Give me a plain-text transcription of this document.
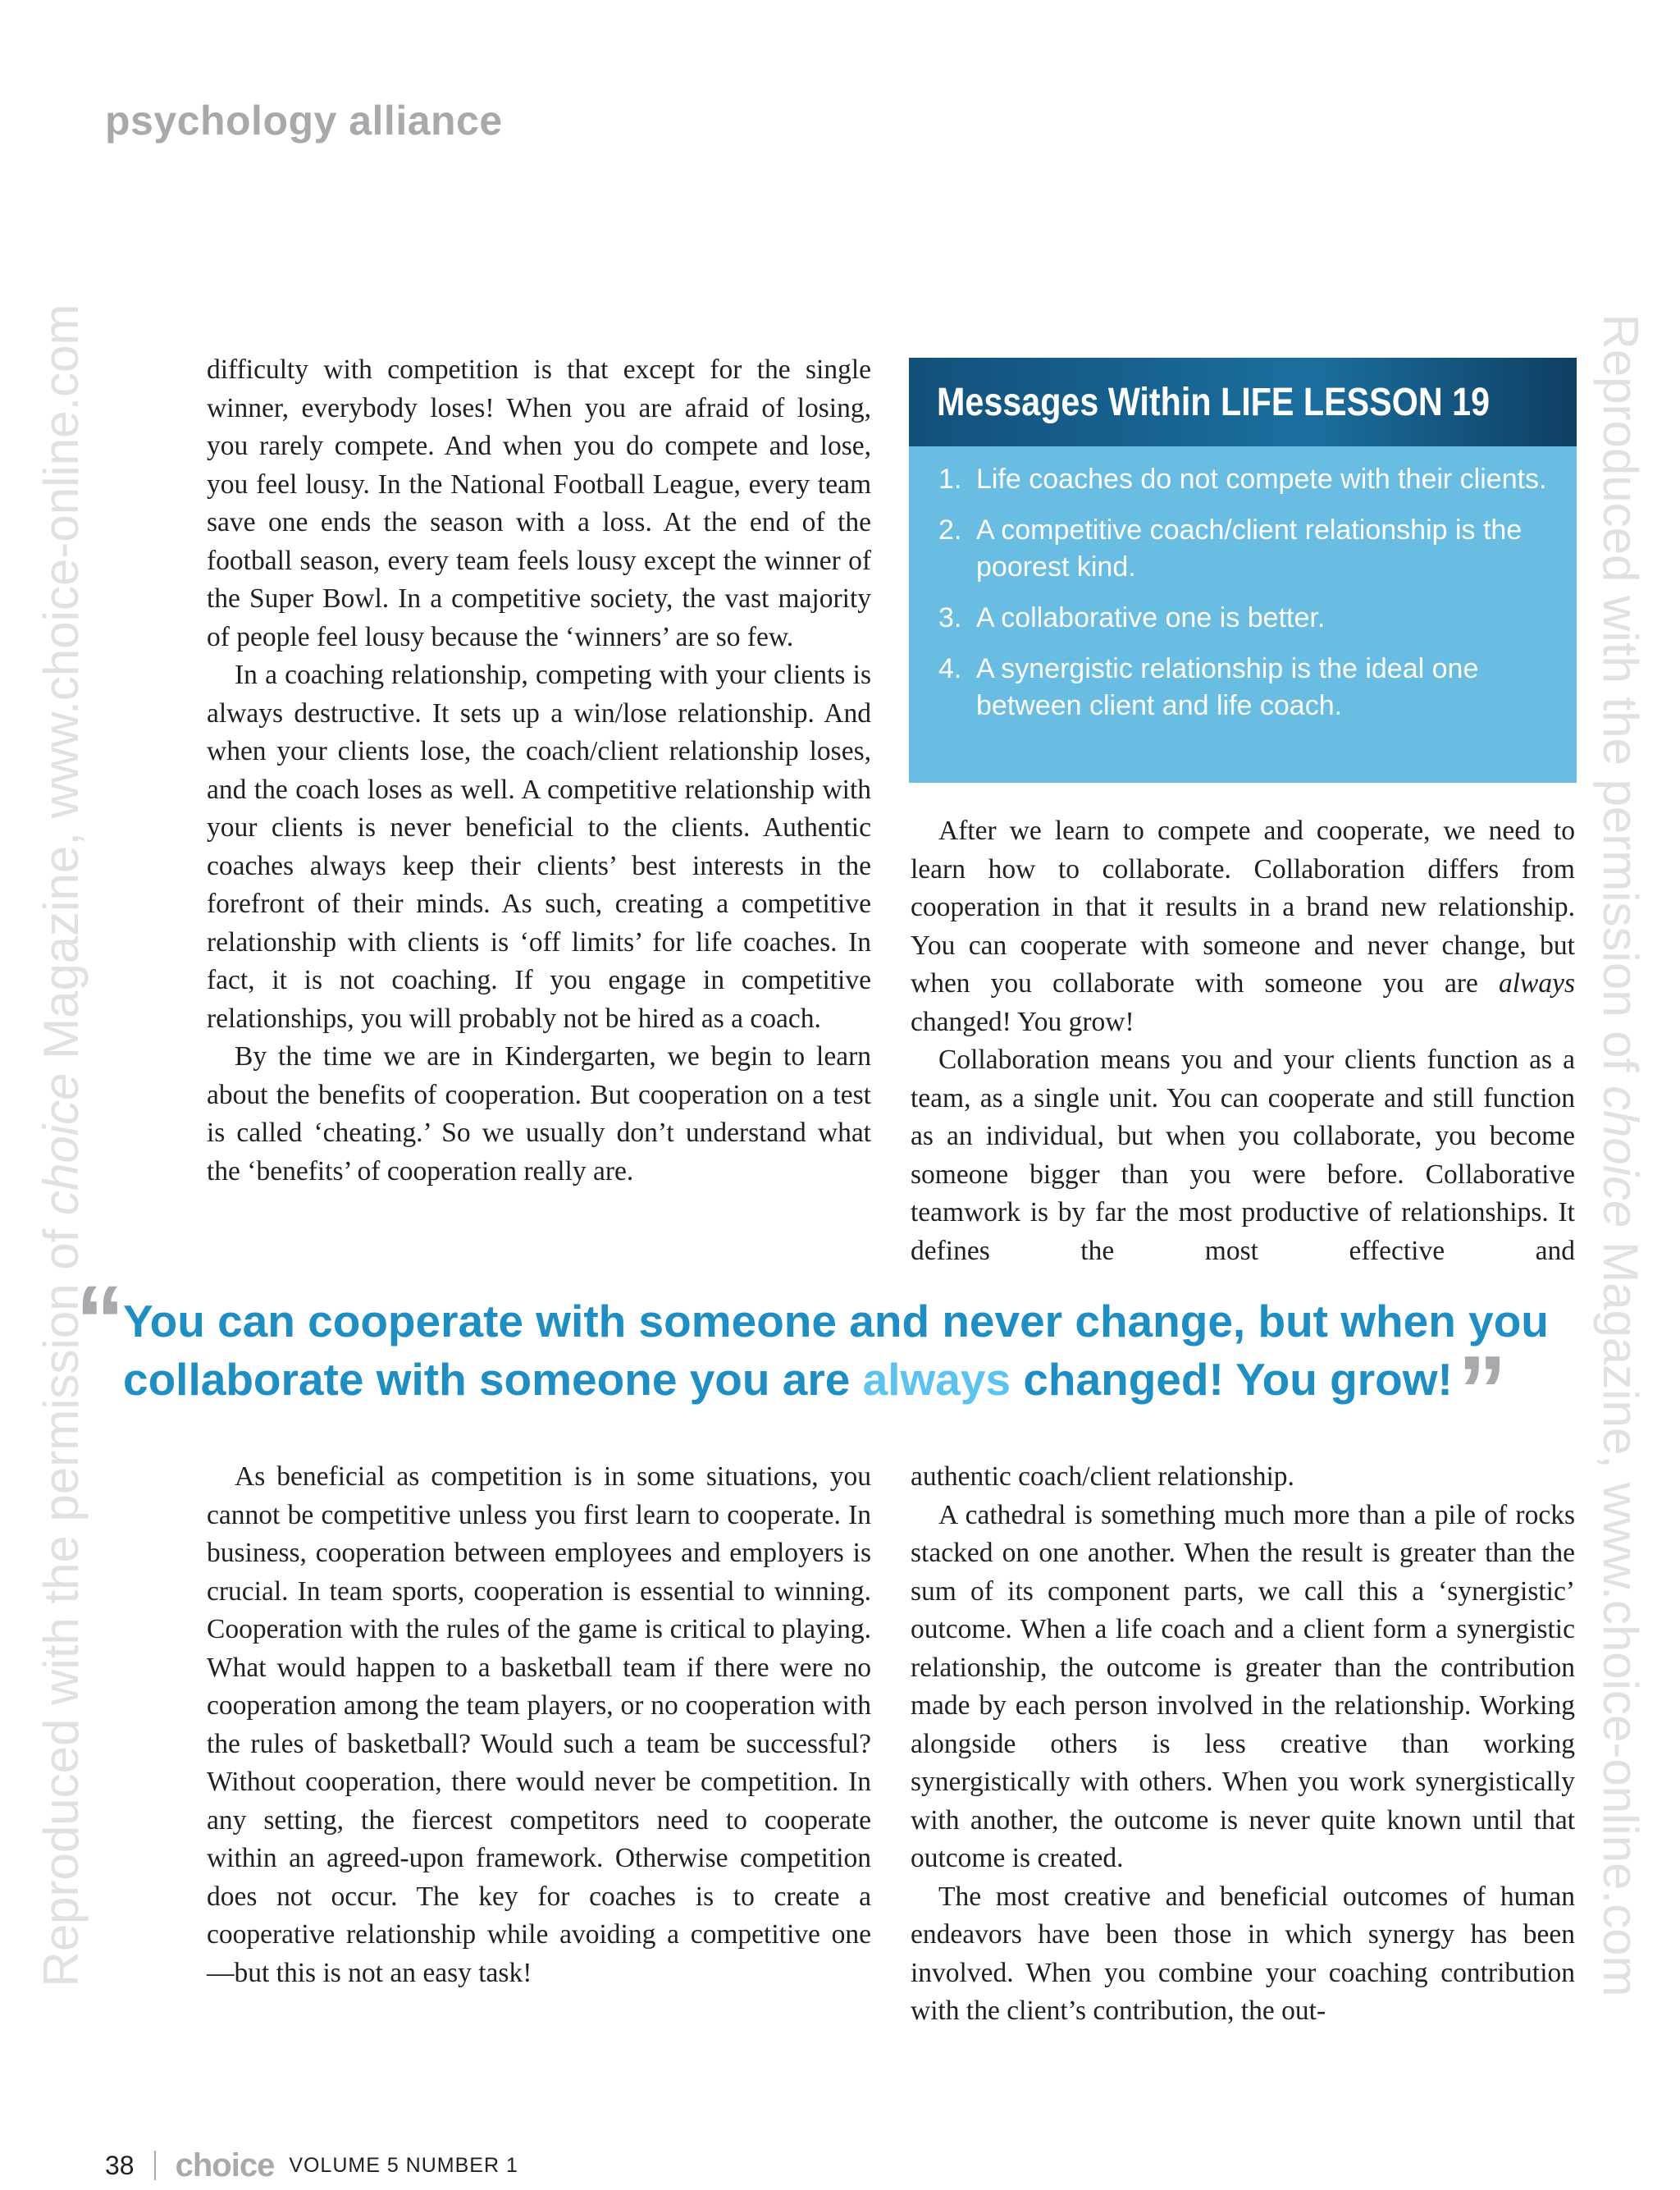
psychology alliance
Reproduced with the permission of choice Magazine, www.choice-online.com	Reproduced with the permission of choice Magazine, www.choice-online.com

difficulty with competition is that except for the single winner, everybody loses! When you are afraid of losing, you rarely compete. And when you do compete and lose, you feel lousy. In the National Football League, every team save one ends the season with a loss. At the end of the football season, every team feels lousy except the winner of the Super Bowl. In a competitive society, the vast majority of people feel lousy because the ‘winners’ are so few.

In a coaching relationship, competing with your clients is always destructive. It sets up a win/lose relationship. And when your clients lose, the coach/client relationship loses, and the coach loses as well. A competitive relationship with your clients is never beneficial to the clients. Authentic coaches always keep their clients’ best interests in the forefront of their minds. As such, creating a competitive relationship with clients is ‘off limits’ for life coaches. In fact, it is not coaching. If you engage in competitive relationships, you will probably not be hired as a coach.

By the time we are in Kindergarten, we begin to learn about the benefits of cooperation. But cooperation on a test is called ‘cheating.’ So we usually don’t understand what the ‘benefits’ of cooperation really are.

Messages Within LIFE LESSON 19
1. Life coaches do not compete with their clients.
2. A competitive coach/client relationship is the poorest kind.
3. A collaborative one is better.
4. A synergistic relationship is the ideal one between client and life coach.

After we learn to compete and cooperate, we need to learn how to collaborate. Collaboration differs from cooperation in that it results in a brand new relationship. You can cooperate with someone and never change, but when you collaborate with someone you are always changed! You grow!

Collaboration means you and your clients function as a team, as a single unit. You can cooperate and still function as an individual, but when you collaborate, you become someone bigger than you were before. Collaborative teamwork is by far the most productive of relationships. It defines the most effective and

“
You can cooperate with someone and never change, but when you
collaborate with someone you are always changed! You grow!”

As beneficial as competition is in some situations, you cannot be competitive unless you first learn to cooperate. In business, cooperation between employees and employers is crucial. In team sports, cooperation is essential to winning. Cooperation with the rules of the game is critical to playing. What would happen to a basketball team if there were no cooperation among the team players, or no cooperation with the rules of basketball? Would such a team be successful? Without cooperation, there would never be competition. In any setting, the fiercest competitors need to cooperate within an agreed-upon framework. Otherwise competition does not occur. The key for coaches is to create a cooperative relationship while avoiding a competitive one—but this is not an easy task!

authentic coach/client relationship.

A cathedral is something much more than a pile of rocks stacked on one another. When the result is greater than the sum of its component parts, we call this a ‘synergistic’ outcome. When a life coach and a client form a synergistic relationship, the outcome is greater than the contribution made by each person involved in the relationship. Working alongside others is less creative than working synergistically with others. When you work synergistically with another, the outcome is never quite known until that outcome is created.

The most creative and beneficial outcomes of human endeavors have been those in which synergy has been involved. When you combine your coaching contribution with the client’s contribution, the out-

38 choice VOLUME 5 NUMBER 1
